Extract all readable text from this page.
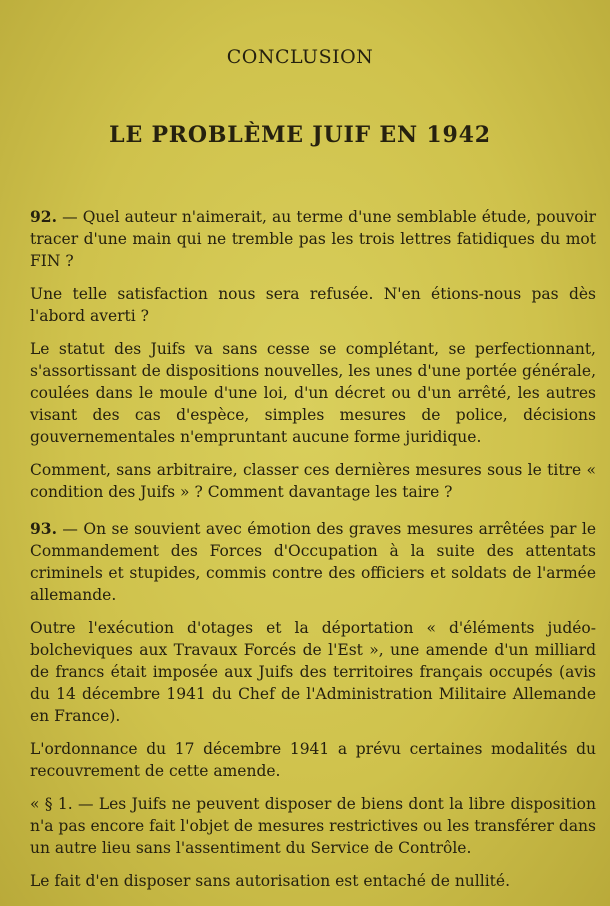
CONCLUSION
LE PROBLÈME JUIF EN 1942

92. — Quel auteur n'aimerait, au terme d'une semblable étude, pouvoir tracer d'une main qui ne tremble pas les trois lettres fatidiques du mot FIN ?

Une telle satisfaction nous sera refusée. N'en étions-nous pas dès l'abord averti ?

Le statut des Juifs va sans cesse se complétant, se perfectionnant, s'assortissant de dispositions nouvelles, les unes d'une portée générale, coulées dans le moule d'une loi, d'un décret ou d'un arrêté, les autres visant des cas d'espèce, simples mesures de police, décisions gouvernementales n'empruntant aucune forme juridique.

Comment, sans arbitraire, classer ces dernières mesures sous le titre « condition des Juifs » ? Comment davantage les taire ?

93. — On se souvient avec émotion des graves mesures arrêtées par le Commandement des Forces d'Occupation à la suite des attentats criminels et stupides, commis contre des officiers et soldats de l'armée allemande.

Outre l'exécution d'otages et la déportation « d'éléments judéo-bolcheviques aux Travaux Forcés de l'Est », une amende d'un milliard de francs était imposée aux Juifs des territoires français occupés (avis du 14 décembre 1941 du Chef de l'Administration Militaire Allemande en France).

L'ordonnance du 17 décembre 1941 a prévu certaines modalités du recouvrement de cette amende.

« § 1. — Les Juifs ne peuvent disposer de biens dont la libre disposition n'a pas encore fait l'objet de mesures restrictives ou les transférer dans un autre lieu sans l'assentiment du Service de Contrôle.

Le fait d'en disposer sans autorisation est entaché de nullité.
